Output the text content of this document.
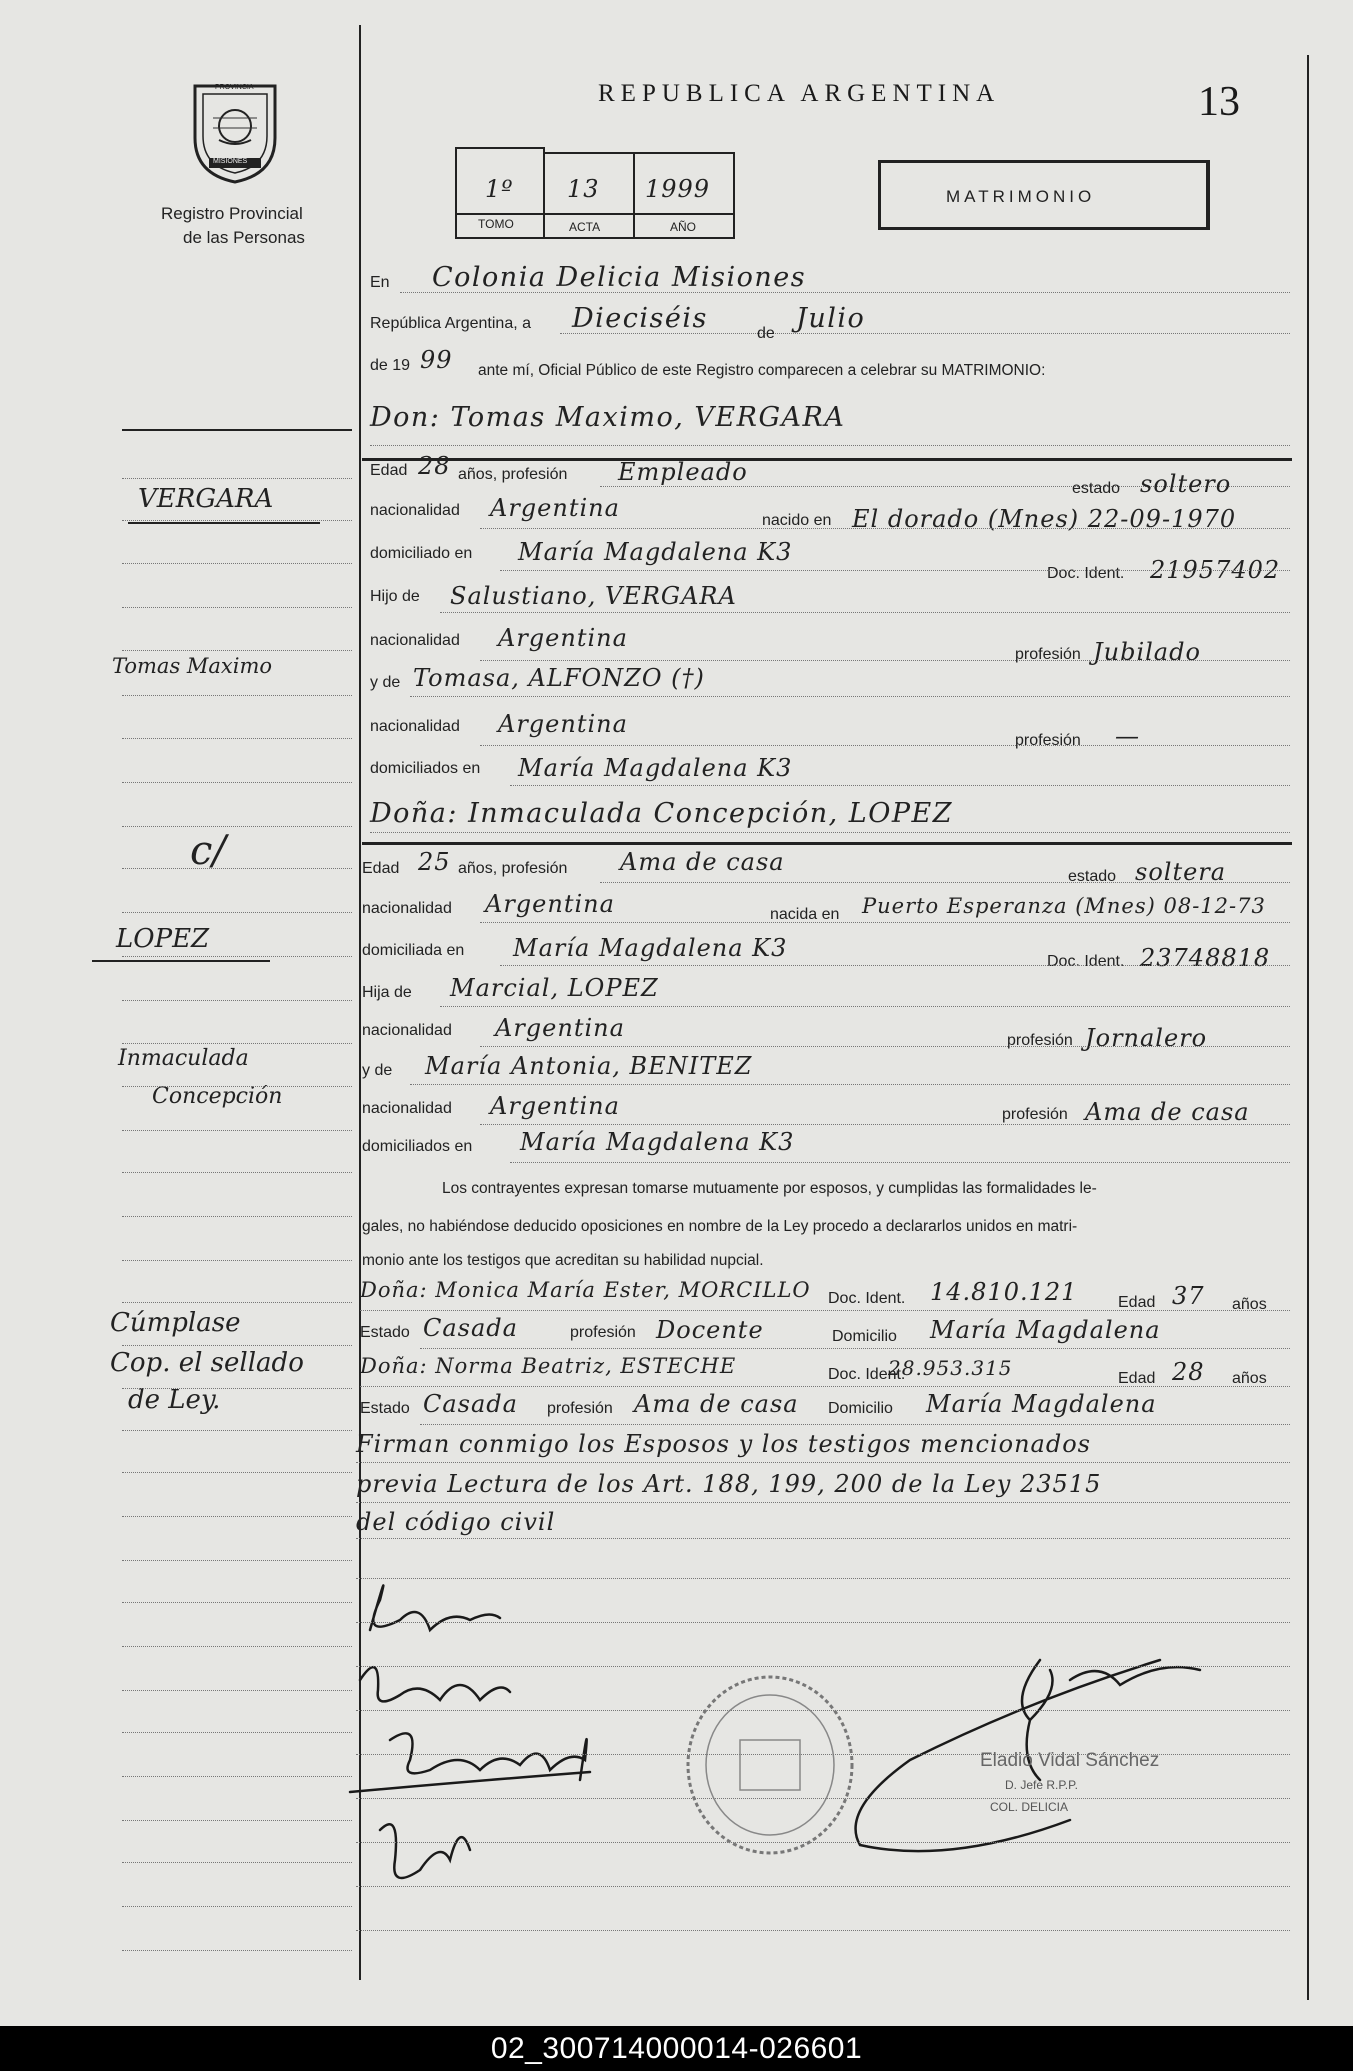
PROVINCIA
MISIONES
Registro Provincial
de las Personas
REPUBLICA ARGENTINA	13
1º 13 1999
TOMO	ACTA	AÑO
MATRIMONIO
En Colonia Delicia Misiones
República Argentina, a Dieciséis	de Julio
de 19 99 ante mí, Oficial Público de este Registro comparecen a celebrar su MATRIMONIO:
Don: Tomas Maximo, VERGARA
Edad 28 años, profesión Empleado
estado soltero
nacionalidad Argentina	nacido en El dorado (Mnes) 22-09-1970
domiciliado en María Magdalena K3
Doc. Ident. 21957402
Hijo de Salustiano, VERGARA
nacionalidad Argentina
profesión Jubilado
y de Tomasa, ALFONZO (†)
nacionalidad Argentina
profesión —
domiciliados en María Magdalena K3
Doña: Inmaculada Concepción, LOPEZ
Edad 25 años, profesión Ama de casa
estado soltera
nacionalidad Argentina	nacida en Puerto Esperanza (Mnes) 08-12-73
domiciliada en María Magdalena K3	Doc. Ident. 23748818
Hija de Marcial, LOPEZ
nacionalidad Argentina	profesión Jornalero
y de María Antonia, BENITEZ
nacionalidad Argentina	profesión Ama de casa
domiciliados en María Magdalena K3
Los contrayentes expresan tomarse mutuamente por esposos, y cumplidas las formalidades le-
gales, no habiéndose deducido oposiciones en nombre de la Ley procedo a declararlos unidos en matri-
monio ante los testigos que acreditan su habilidad nupcial.
Doña: Monica María Ester, MORCILLO Doc. Ident. 14.810.121	Edad 37 años
Estado Casada	profesión Docente	Domicilio María Magdalena
Doña: Norma Beatriz, ESTECHE	Doc. Ident.
28.953.315	Edad 28 años
Estado Casada profesión Ama de casa Domicilio María Magdalena
Firman conmigo los Esposos y los testigos mencionados
previa Lectura de los Art. 188, 199, 200 de la Ley 23515
del código civil
VERGARA
Tomas Maximo
c/
LOPEZ
Inmaculada
Concepción
Cúmplase
Cop. el sellado
de Ley.
Eladio Vidal Sánchez
D. Jefe R.P.P.
COL. DELICIA
02_300714000014-026601
